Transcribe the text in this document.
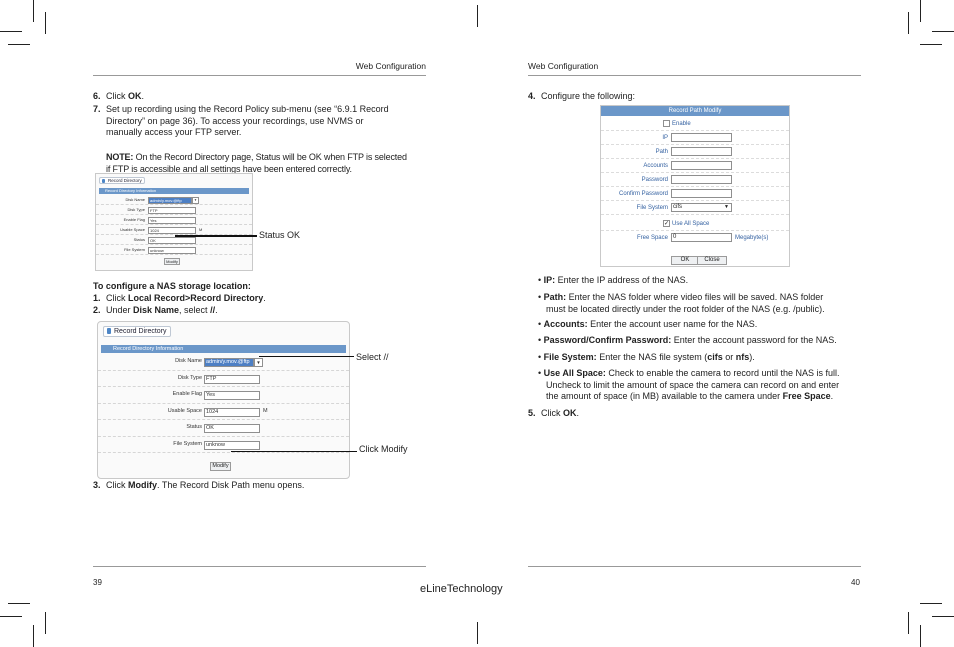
Web Configuration
6. Click OK.
7. Set up recording using the Record Policy sub-menu (see “6.9.1 Record
Directory” on page 36). To access your recordings, use NVMS or
manually access your FTP server.
NOTE: On the Record Directory page, Status will be OK when FTP is selected
if FTP is accessible and all settings have been entered correctly.
Record Directory
Record Directory Information
Disk Name	admin/y.mov.@ftp	▼
Disk Type	FTP
Enable Flag	Yes
Usable Space	1024	M
Status	OK
File System	unknow
Modify
Status OK
To configure a NAS storage location:
1. Click Local Record>Record Directory.
2. Under Disk Name, select //.
Record Directory
Record Directory Information
Disk Name admin/y.mov.@ftp	▼
Disk Type FTP
Enable Flag Yes
Usable Space 1024	M
Status OK
File System unknow
Modify
Select //
Click Modify
3. Click Modify. The Record Disk Path menu opens.
39
Web Configuration
4. Configure the following:
Record Path Modify
Enable
IP
Path
Accounts
Password
Confirm Password
File System cifs	▼
✓ Use All Space
Free Space 0	Megabyte(s)
OK	Close
• IP: Enter the IP address of the NAS.
• Path: Enter the NAS folder where video files will be saved. NAS folder
must be located directly under the root folder of the NAS (e.g. /public).
• Accounts: Enter the account user name for the NAS.
• Password/Confirm Password: Enter the account password for the NAS.
• File System: Enter the NAS file system (cifs or nfs).
• Use All Space: Check to enable the camera to record until the NAS is full.
Uncheck to limit the amount of space the camera can record on and enter
the amount of space (in MB) available to the camera under Free Space.
5. Click OK.
40
eLineTechnology
